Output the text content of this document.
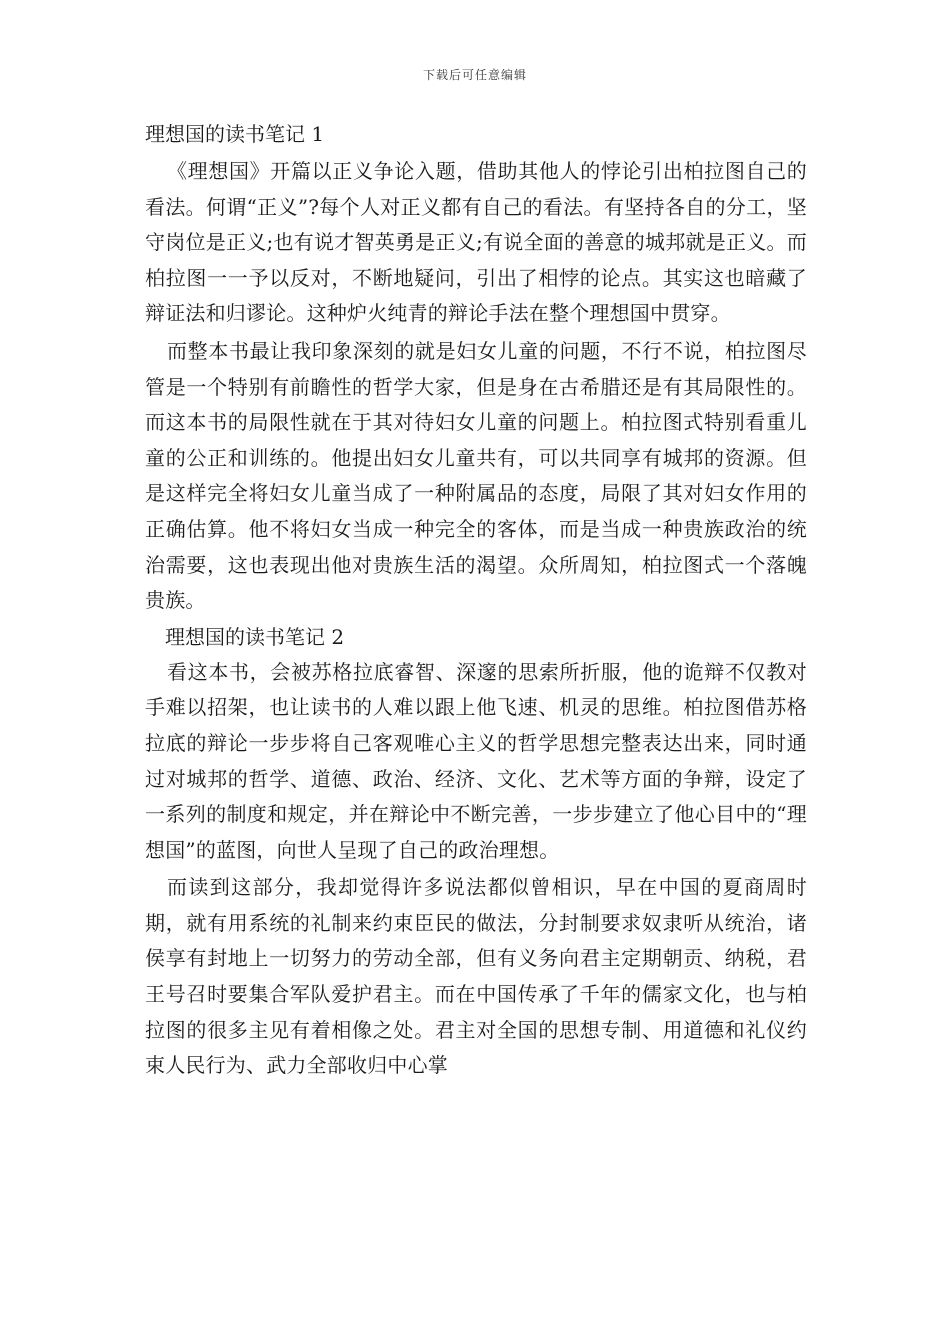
下载后可任意编辑
理想国的读书笔记 1

《理想国》开篇以正义争论入题，借助其他人的悖论引出柏拉图自己的看法。何谓“正义”?每个人对正义都有自己的看法。有坚持各自的分工，坚守岗位是正义;也有说才智英勇是正义;有说全面的善意的城邦就是正义。而柏拉图一一予以反对，不断地疑问，引出了相悖的论点。其实这也暗藏了辩证法和归谬论。这种炉火纯青的辩论手法在整个理想国中贯穿。

而整本书最让我印象深刻的就是妇女儿童的问题，不行不说，柏拉图尽管是一个特别有前瞻性的哲学大家，但是身在古希腊还是有其局限性的。而这本书的局限性就在于其对待妇女儿童的问题上。柏拉图式特别看重儿童的公正和训练的。他提出妇女儿童共有，可以共同享有城邦的资源。但是这样完全将妇女儿童当成了一种附属品的态度，局限了其对妇女作用的正确估算。他不将妇女当成一种完全的客体，而是当成一种贵族政治的统治需要，这也表现出他对贵族生活的渴望。众所周知，柏拉图式一个落魄贵族。

理想国的读书笔记 2

看这本书，会被苏格拉底睿智、深邃的思索所折服，他的诡辩不仅教对手难以招架，也让读书的人难以跟上他飞速、机灵的思维。柏拉图借苏格拉底的辩论一步步将自己客观唯心主义的哲学思想完整表达出来，同时通过对城邦的哲学、道德、政治、经济、文化、艺术等方面的争辩，设定了一系列的制度和规定，并在辩论中不断完善，一步步建立了他心目中的“理想国”的蓝图，向世人呈现了自己的政治理想。

而读到这部分，我却觉得许多说法都似曾相识，早在中国的夏商周时期，就有用系统的礼制来约束臣民的做法，分封制要求奴隶听从统治，诸侯享有封地上一切努力的劳动全部，但有义务向君主定期朝贡、纳税，君王号召时要集合军队爱护君主。而在中国传承了千年的儒家文化，也与柏拉图的很多主见有着相像之处。君主对全国的思想专制、用道德和礼仪约束人民行为、武力全部收归中心掌
